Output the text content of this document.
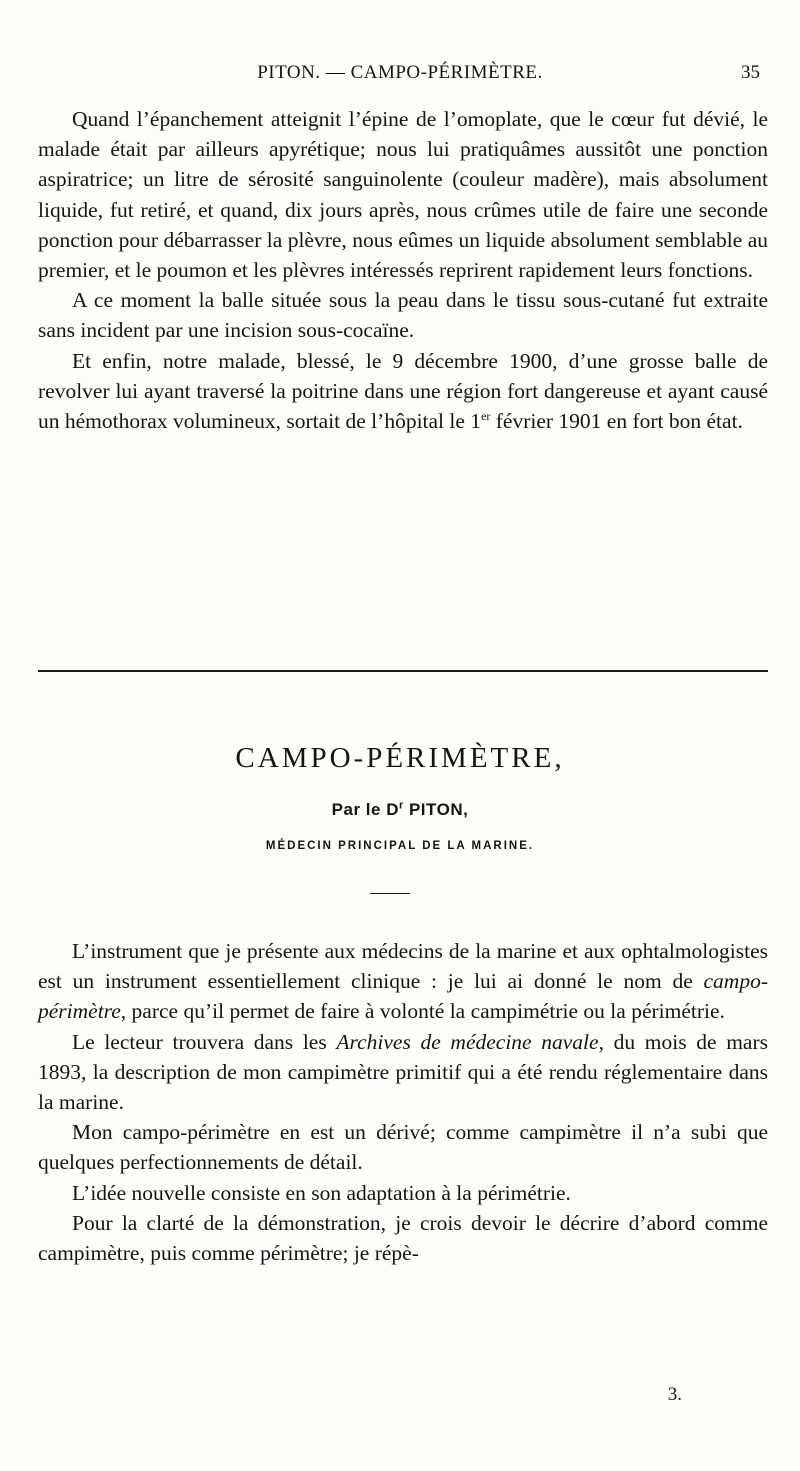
PITON. — CAMPO-PÉRIMÈTRE.	35

Quand l’épanchement atteignit l’épine de l’omoplate, que le cœur fut dévié, le malade était par ailleurs apyrétique; nous lui pratiquâmes aussitôt une ponction aspiratrice; un litre de sérosité sanguinolente (couleur madère), mais absolument liquide, fut retiré, et quand, dix jours après, nous crûmes utile de faire une seconde ponction pour débarrasser la plèvre, nous eûmes un liquide absolument semblable au premier, et le poumon et les plèvres intéressés reprirent rapidement leurs fonctions.

A ce moment la balle située sous la peau dans le tissu sous-cutané fut extraite sans incident par une incision sous-cocaïne.

Et enfin, notre malade, blessé, le 9 décembre 1900, d’une grosse balle de revolver lui ayant traversé la poitrine dans une région fort dangereuse et ayant causé un hémothorax volumineux, sortait de l’hôpital le 1er février 1901 en fort bon état.

CAMPO-PÉRIMÈTRE,
Par le $D^r$ PITON,
MÉDECIN PRINCIPAL DE LA MARINE.

L’instrument que je présente aux médecins de la marine et aux ophtalmologistes est un instrument essentiellement clinique : je lui ai donné le nom de campo-périmètre, parce qu’il permet de faire à volonté la campimétrie ou la périmétrie.

Le lecteur trouvera dans les Archives de médecine navale, du mois de mars 1893, la description de mon campimètre primitif qui a été rendu réglementaire dans la marine.

Mon campo-périmètre en est un dérivé; comme campimètre il n’a subi que quelques perfectionnements de détail.

L’idée nouvelle consiste en son adaptation à la périmétrie.

Pour la clarté de la démonstration, je crois devoir le décrire d’abord comme campimètre, puis comme périmètre; je répè-

3.
